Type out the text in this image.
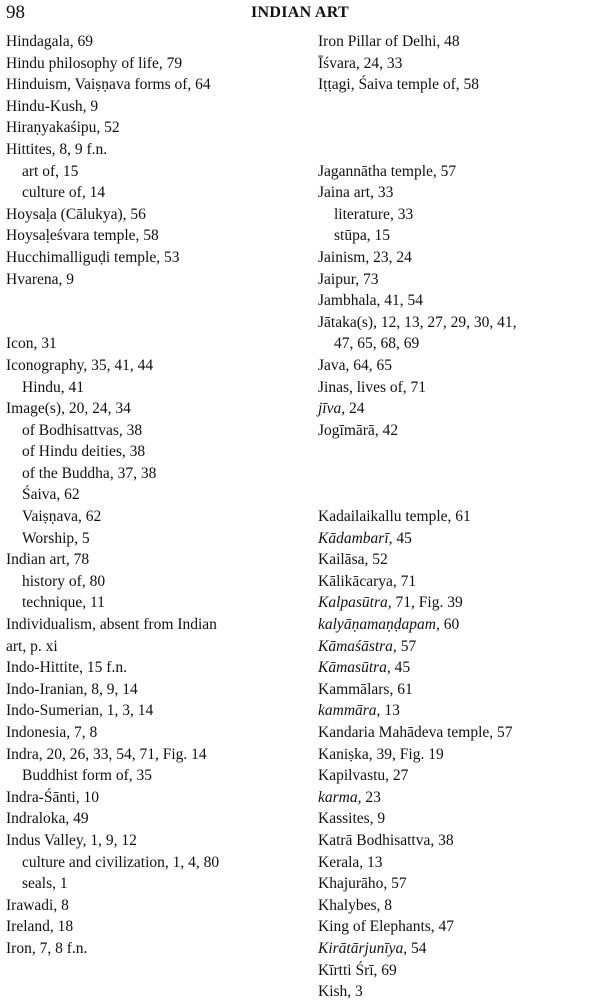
98	INDIAN ART
Hindagala, 69
Hindu philosophy of life, 79
Hinduism, Vaiṣṇava forms of, 64
Hindu-Kush, 9
Hiraṇyakaśipu, 52
Hittites, 8, 9 f.n.
art of, 15
culture of, 14
Hoysaḷa (Cālukya), 56
Hoysaḷeśvara temple, 58
Hucchimalliguḍi temple, 53
Hvarena, 9
Icon, 31
Iconography, 35, 41, 44
Hindu, 41
Image(s), 20, 24, 34
of Bodhisattvas, 38
of Hindu deities, 38
of the Buddha, 37, 38
Śaiva, 62
Vaiṣṇava, 62
Worship, 5
Indian art, 78
history of, 80
technique, 11
Individualism, absent from Indian
art, p. xi
Indo-Hittite, 15 f.n.
Indo-Iranian, 8, 9, 14
Indo-Sumerian, 1, 3, 14
Indonesia, 7, 8
Indra, 20, 26, 33, 54, 71, Fig. 14
Buddhist form of, 35
Indra-Śānti, 10
Indraloka, 49
Indus Valley, 1, 9, 12
culture and civilization, 1, 4, 80
seals, 1
Irawadi, 8
Ireland, 18
Iron, 7, 8 f.n.
Iron Pillar of Delhi, 48
Īśvara, 24, 33
Iṭṭagi, Śaiva temple of, 58
Jagannātha temple, 57
Jaina art, 33
literature, 33
stūpa, 15
Jainism, 23, 24
Jaipur, 73
Jambhala, 41, 54
Jātaka(s), 12, 13, 27, 29, 30, 41,
47, 65, 68, 69
Java, 64, 65
Jinas, lives of, 71
jīva, 24
Jogīmārā, 42
Kadailaikallu temple, 61
Kādambarī, 45
Kailāsa, 52
Kālikācarya, 71
Kalpasūtra, 71, Fig. 39
kalyāṇamaṇḍapam, 60
Kāmaśāstra, 57
Kāmasūtra, 45
Kammālars, 61
kammāra, 13
Kandaria Mahādeva temple, 57
Kaniṣka, 39, Fig. 19
Kapilvastu, 27
karma, 23
Kassites, 9
Katrā Bodhisattva, 38
Kerala, 13
Khajurāho, 57
Khalybes, 8
King of Elephants, 47
Kirātārjunīya, 54
Kīrtti Śrī, 69
Kish, 3
